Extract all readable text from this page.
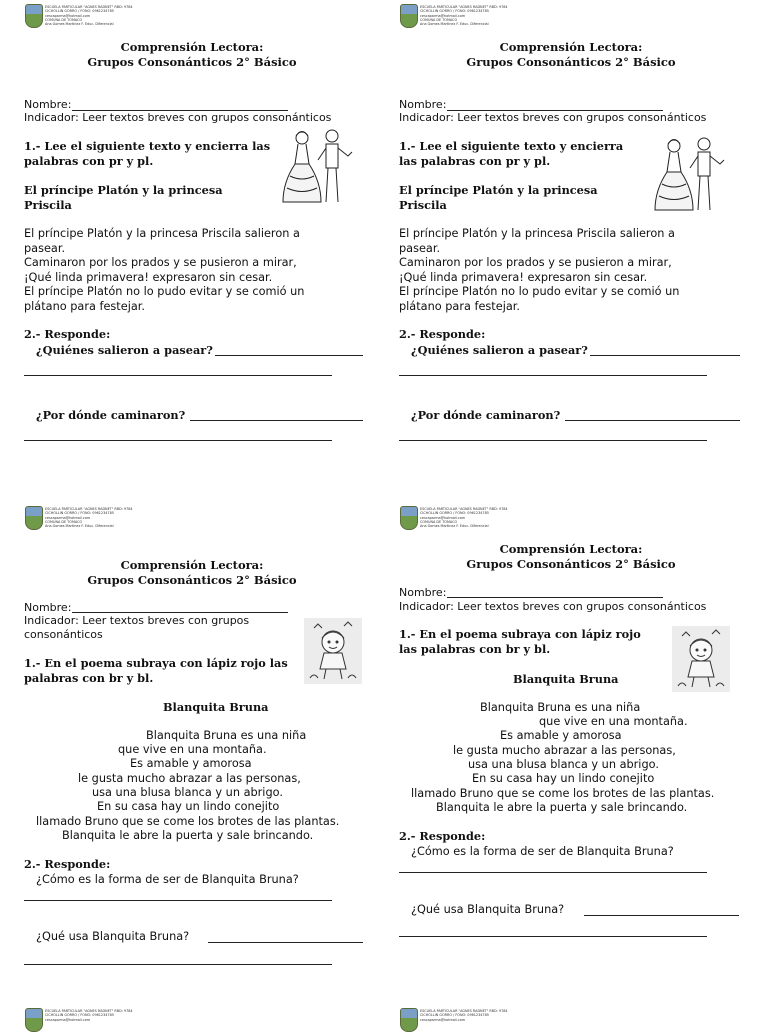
ESCUELA PARTICULAR "AGNES RADNET" RBD: 9784
CICHOLLIN GORRO / FONO: 0961234785
cescaparma@hotmail.com
COMUNA DE TOMACO
Ana Gomes Martinez F. Educ. Diferencial
ESCUELA PARTICULAR "AGNES RADNET" RBD: 9784
CICHOLLIN GORRO / FONO: 0961234785
cescaparma@hotmail.com
COMUNA DE TOMACO
Ana Gomes Martinez F. Educ. Diferencial
ESCUELA PARTICULAR "AGNES RADNET" RBD: 9784
CICHOLLIN GORRO / FONO: 0961234785
cescaparma@hotmail.com
COMUNA DE TOMACO
Ana Gomes Martinez F. Educ. Diferencial
ESCUELA PARTICULAR "AGNES RADNET" RBD: 9784
CICHOLLIN GORRO / FONO: 0961234785
cescaparma@hotmail.com
COMUNA DE TOMACO
Ana Gomes Martinez F. Educ. Diferencial
ESCUELA PARTICULAR "AGNES RADNET" RBD: 9784
CICHOLLIN GORRO / FONO: 0961234785
cescaparma@hotmail.com
ESCUELA PARTICULAR "AGNES RADNET" RBD: 9784
CICHOLLIN GORRO / FONO: 0961234785
cescaparma@hotmail.com
Comprensión Lectora:
Grupos Consonánticos 2° Básico
Nombre:
Indicador: Leer textos breves con grupos consonánticos
1.- Lee el siguiente texto y encierra las
palabras con pr y pl.
El príncipe Platón y la princesa
Priscila
El príncipe Platón y la princesa Priscila salieron a
pasear.
Caminaron por los prados y se pusieron a mirar,
¡Qué linda primavera! expresaron sin cesar.
El príncipe Platón no lo pudo evitar y se comió un
plátano para festejar.
2.- Responde:
¿Quiénes salieron a pasear?
¿Por dónde caminaron?
Comprensión Lectora:
Grupos Consonánticos 2° Básico
Nombre:
Indicador: Leer textos breves con grupos consonánticos
1.- Lee el siguiente texto y encierra
las palabras con pr y pl.
El príncipe Platón y la princesa
Priscila
El príncipe Platón y la princesa Priscila salieron a
pasear.
Caminaron por los prados y se pusieron a mirar,
¡Qué linda primavera! expresaron sin cesar.
El príncipe Platón no lo pudo evitar y se comió un
plátano para festejar.
2.- Responde:
¿Quiénes salieron a pasear?
¿Por dónde caminaron?
Comprensión Lectora:
Grupos Consonánticos 2° Básico
Nombre:
Indicador: Leer textos breves con grupos
consonánticos
1.- En el poema subraya con lápiz rojo las
palabras con br y bl.
Blanquita Bruna
Blanquita Bruna es una niña
que vive en una montaña.
Es amable y amorosa
le gusta mucho abrazar a las personas,
usa una blusa blanca y un abrigo.
En su casa hay un lindo conejito
llamado Bruno que se come los brotes de las plantas.
Blanquita le abre la puerta y sale brincando.
2.- Responde:
¿Cómo es la forma de ser de Blanquita Bruna?
¿Qué usa Blanquita Bruna?
Comprensión Lectora:
Grupos Consonánticos 2° Básico
Nombre:
Indicador: Leer textos breves con grupos consonánticos
1.- En el poema subraya con lápiz rojo
las palabras con br y bl.
Blanquita Bruna
Blanquita Bruna es una niña
que vive en una montaña.
Es amable y amorosa
le gusta mucho abrazar a las personas,
usa una blusa blanca y un abrigo.
En su casa hay un lindo conejito
llamado Bruno que se come los brotes de las plantas.
Blanquita le abre la puerta y sale brincando.
2.- Responde:
¿Cómo es la forma de ser de Blanquita Bruna?
¿Qué usa Blanquita Bruna?
